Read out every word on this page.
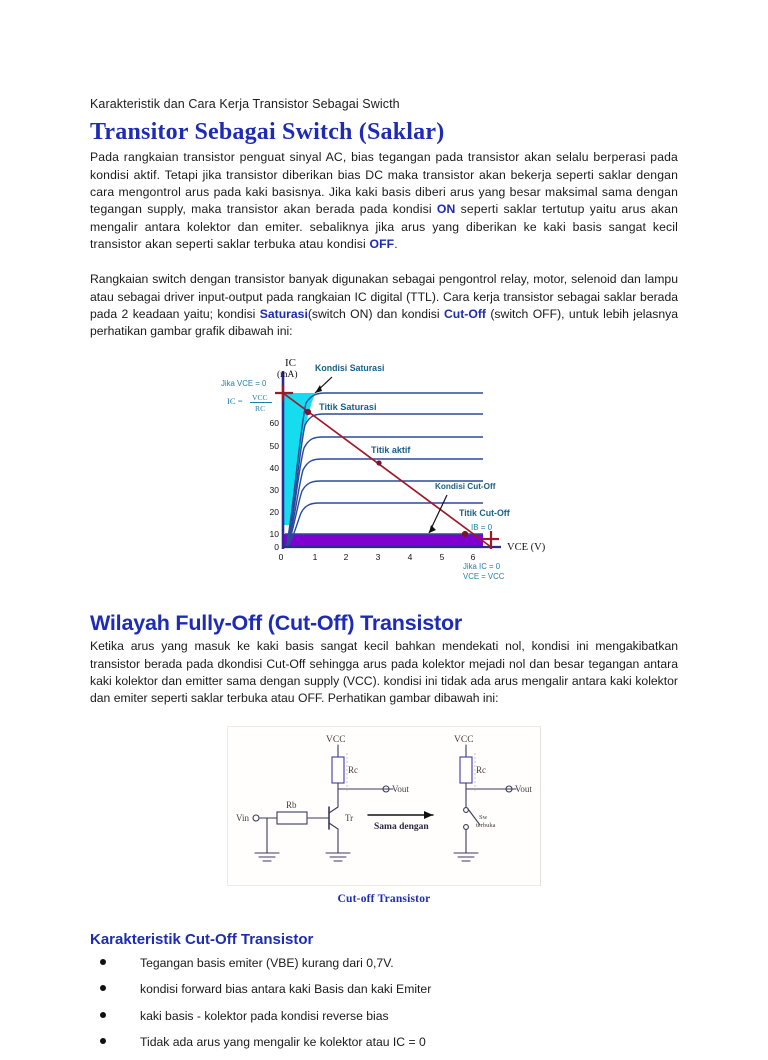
Karakteristik dan Cara Kerja Transistor Sebagai Swicth
Transitor Sebagai Switch (Saklar)

Pada rangkaian transistor penguat sinyal AC, bias tegangan pada transistor akan selalu berperasi pada kondisi aktif. Tetapi jika transistor diberikan bias DC maka transistor akan bekerja seperti saklar dengan cara mengontrol arus pada kaki basisnya. Jika kaki basis diberi arus yang besar maksimal sama dengan tegangan supply, maka transistor akan berada pada kondisi ON seperti saklar tertutup yaitu arus akan mengalir antara kolektor dan emiter. sebaliknya jika arus yang diberikan ke kaki basis sangat kecil transistor akan seperti saklar terbuka atau kondisi OFF.

Rangkaian switch dengan transistor banyak digunakan sebagai pengontrol relay, motor, selenoid dan lampu atau sebagai driver input-output pada rangkaian IC digital (TTL). Cara kerja transistor sebagai saklar berada pada 2 keadaan yaitu; kondisi Saturasi(switch ON) dan kondisi Cut-Off (switch OFF), untuk lebih jelasnya perhatikan gambar grafik dibawah ini:

0
10
20
30
40
50
60
0	1	2	3	4	5	6
IC
(mA)
VCE (V)
Jika VCE = 0
IC = VCC
RC
Kondisi Saturasi
Titik Saturasi
Titik aktif
Kondisi Cut-Off
Titik Cut-Off
IB = 0
Jika IC = 0
VCE = VCC
Wilayah Fully-Off (Cut-Off) Transistor

Ketika arus yang masuk ke kaki basis sangat kecil bahkan mendekati nol, kondisi ini mengakibatkan transistor berada pada dkondisi Cut-Off sehingga arus pada kolektor mejadi nol dan besar tegangan antara kaki kolektor dan emitter sama dengan supply (VCC). kondisi ini tidak ada arus mengalir antara kaki kolektor dan emiter seperti saklar terbuka atau OFF. Perhatikan gambar dibawah ini:

VCC	VCC
Rc	Rc
Rb
Vin
Vout	Vout
Tr
Sama dengan
Sw
terbuka
Cut-off Transistor
Karakteristik Cut-Off Transistor
Tegangan basis emiter (VBE) kurang dari 0,7V.
kondisi forward bias antara kaki Basis dan kaki Emiter
kaki basis - kolektor pada kondisi reverse bias
Tidak ada arus yang mengalir ke kolektor atau IC = 0
